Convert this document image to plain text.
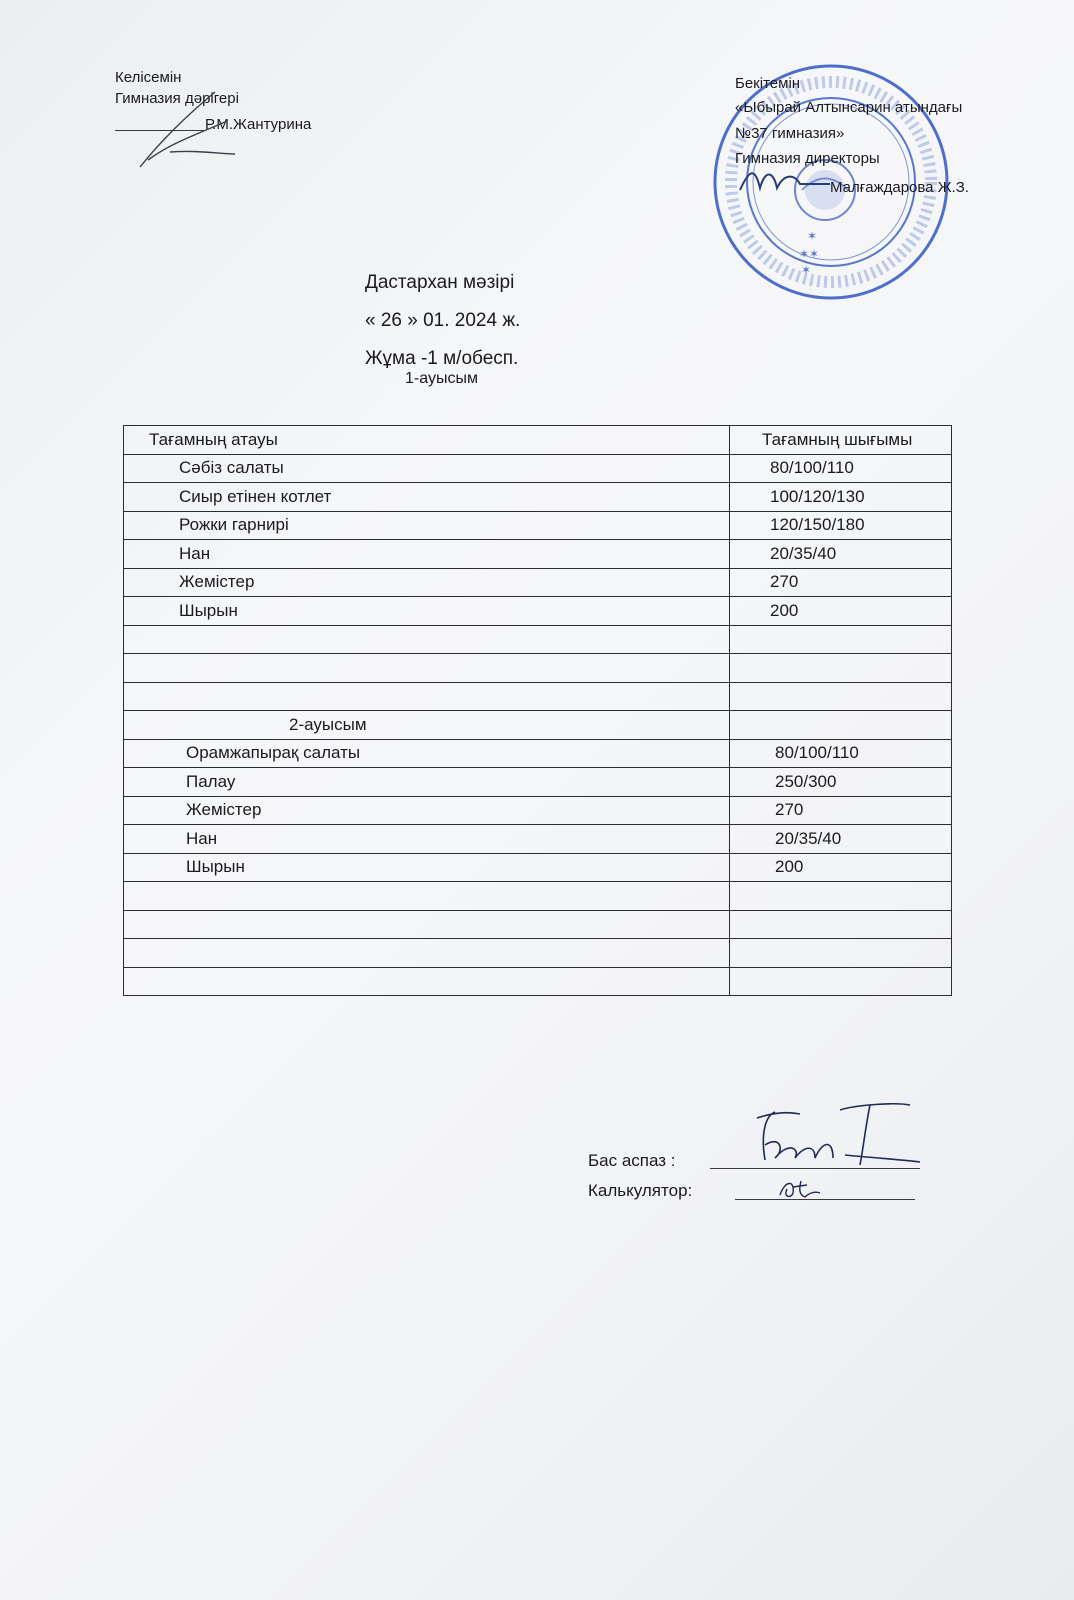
Келісемін
Гимназия дәрігері
Р.М.Жантурина
✶
✶✶
✶
Бекітемін
«Ыбырай Алтынсарин атындағы
№37 гимназия»
Гимназия директоры
Малғаждарова Ж.З.
Дастархан мәзірі
« 26 » 01. 2024 ж.
Жұма -1 м/обесп.
1-ауысым
Тағамның атауы	Тағамның шығымы
Сәбіз салаты	80/100/110
Сиыр етінен котлет	100/120/130
Рожки гарнирі	120/150/180
Нан	20/35/40
Жемістер	270
Шырын	200

2-ауысым	
Орамжапырақ салаты	80/100/110
Палау	250/300
Жемістер	270
Нан	20/35/40
Шырын	200

Бас аспаз :
Калькулятор:
